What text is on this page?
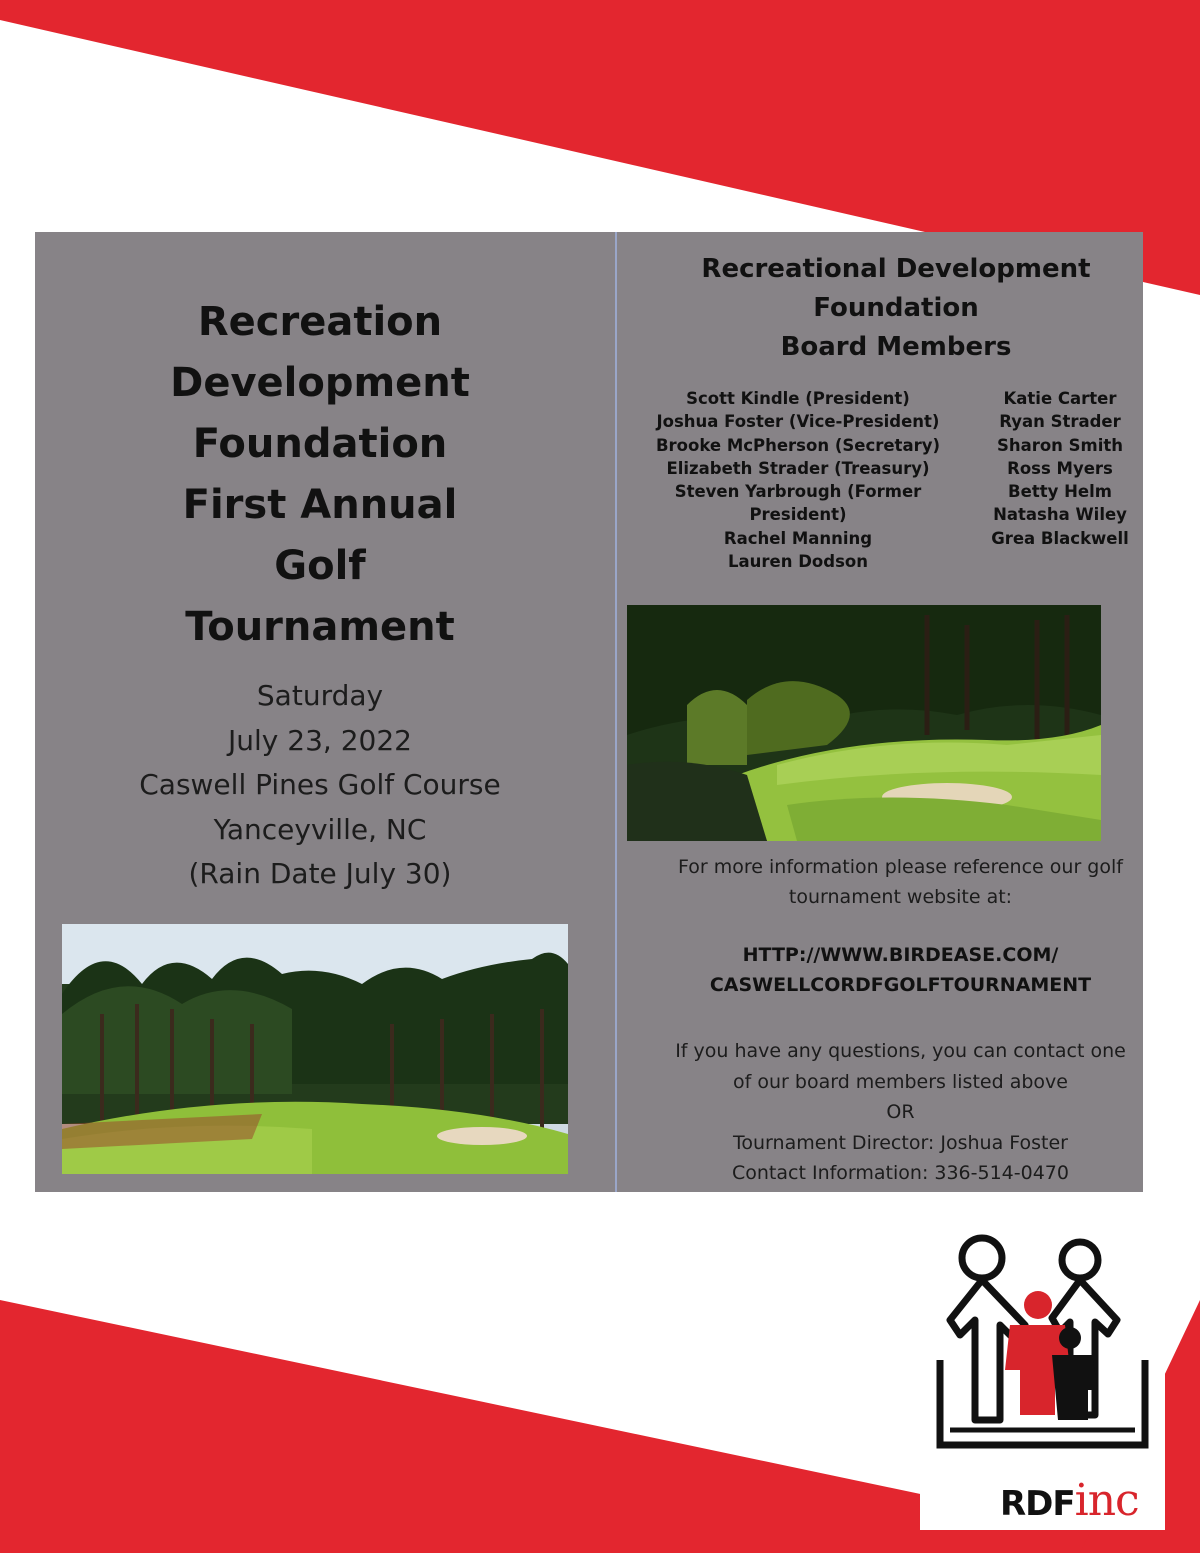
Recreation
Development
Foundation
First Annual
Golf
Tournament
Saturday
July 23, 2022
Caswell Pines Golf Course
Yanceyville, NC
(Rain Date July 30)
Recreational Development
Foundation
Board Members
Scott Kindle (President)
Joshua Foster (Vice-President)
Brooke McPherson (Secretary)
Elizabeth Strader (Treasury)
Steven Yarbrough (Former
President)
Rachel Manning
Lauren Dodson
Katie Carter
Ryan Strader
Sharon Smith
Ross Myers
Betty Helm
Natasha Wiley
Grea Blackwell
For more information please reference our golf
tournament website at:
HTTP://WWW.BIRDEASE.COM/
CASWELLCORDFGOLFTOURNAMENT
If you have any questions, you can contact one
of our board members listed above
OR
Tournament Director: Joshua Foster
Contact Information: 336-514-0470
RDFinc
